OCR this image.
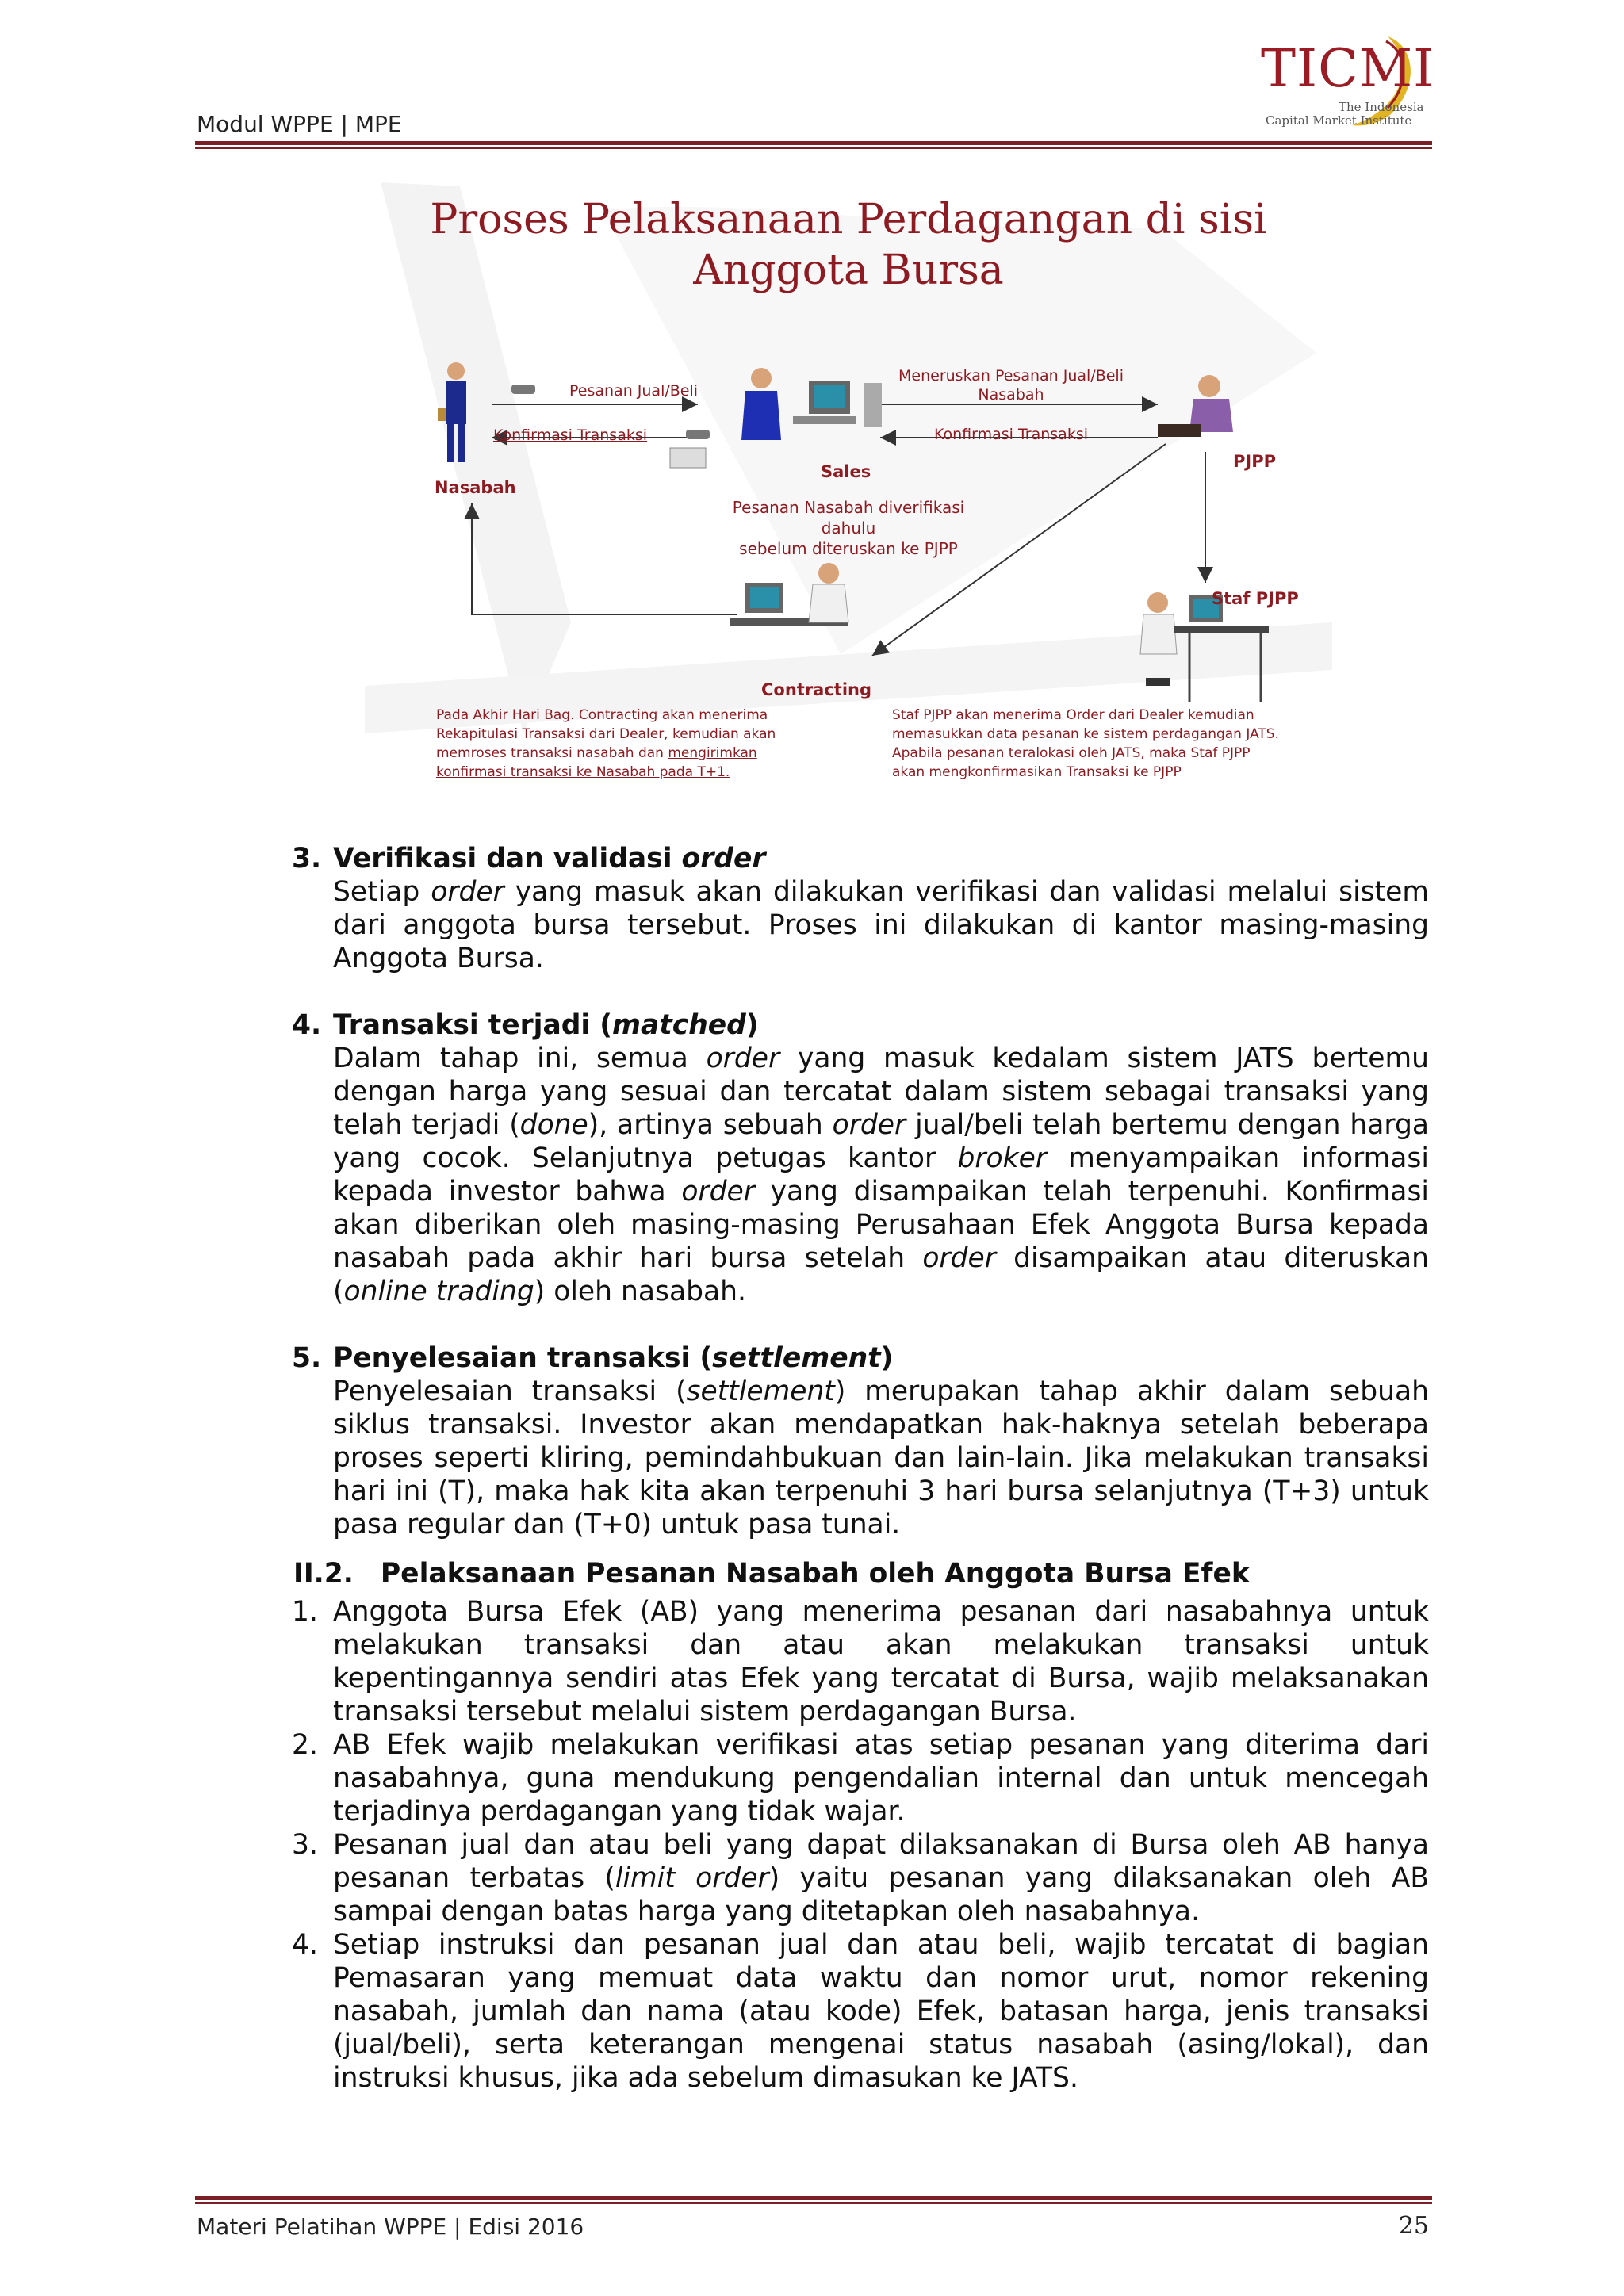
Modul WPPE | MPE
TICMI
The Indonesia
Capital Market Institute
Proses Pelaksanaan Perdagangan di sisi
Anggota Bursa
Pesanan Jual/Beli
Konfirmasi Transaksi
Meneruskan Pesanan Jual/Beli
Nasabah
Konfirmasi Transaksi
Nasabah
Sales
PJPP
Staf PJPP
Contracting
Pesanan Nasabah diverifikasi dahulu
sebelum diteruskan ke PJPP
Pada Akhir Hari Bag. Contracting akan menerima
Rekapitulasi Transaksi dari Dealer, kemudian akan
memroses transaksi nasabah dan mengirimkan
konfirmasi transaksi ke Nasabah pada T+1.
Staf PJPP akan menerima Order dari Dealer kemudian
memasukkan data pesanan ke sistem perdagangan JATS.
Apabila pesanan teralokasi oleh JATS, maka Staf PJPP
akan mengkonfirmasikan Transaksi ke PJPP

3. Verifikasi dan validasi order

Setiap order yang masuk akan dilakukan verifikasi dan validasi melalui sistem dari anggota bursa tersebut. Proses ini dilakukan di kantor masing-masing Anggota Bursa.

4. Transaksi terjadi (matched)

Dalam tahap ini, semua order yang masuk kedalam sistem JATS bertemu dengan harga yang sesuai dan tercatat dalam sistem sebagai transaksi yang telah terjadi (done), artinya sebuah order jual/beli telah bertemu dengan harga yang cocok. Selanjutnya petugas kantor broker menyampaikan informasi kepada investor bahwa order yang disampaikan telah terpenuhi. Konfirmasi akan diberikan oleh masing-masing Perusahaan Efek Anggota Bursa kepada nasabah pada akhir hari bursa setelah order disampaikan atau diteruskan (online trading) oleh nasabah.

5. Penyelesaian transaksi (settlement)

Penyelesaian transaksi (settlement) merupakan tahap akhir dalam sebuah siklus transaksi. Investor akan mendapatkan hak-haknya setelah beberapa proses seperti kliring, pemindahbukuan dan lain-lain. Jika melakukan transaksi hari ini (T), maka hak kita akan terpenuhi 3 hari bursa selanjutnya (T+3) untuk pasa regular dan (T+0) untuk pasa tunai.

II.2. Pelaksanaan Pesanan Nasabah oleh Anggota Bursa Efek

1. Anggota Bursa Efek (AB) yang menerima pesanan dari nasabahnya untuk melakukan transaksi dan atau akan melakukan transaksi untuk kepentingannya sendiri atas Efek yang tercatat di Bursa, wajib melaksanakan transaksi tersebut melalui sistem perdagangan Bursa.
2. AB Efek wajib melakukan verifikasi atas setiap pesanan yang diterima dari nasabahnya, guna mendukung pengendalian internal dan untuk mencegah terjadinya perdagangan yang tidak wajar.
3. Pesanan jual dan atau beli yang dapat dilaksanakan di Bursa oleh AB hanya pesanan terbatas (limit order) yaitu pesanan yang dilaksanakan oleh AB sampai dengan batas harga yang ditetapkan oleh nasabahnya.
4. Setiap instruksi dan pesanan jual dan atau beli, wajib tercatat di bagian Pemasaran yang memuat data waktu dan nomor urut, nomor rekening nasabah, jumlah dan nama (atau kode) Efek, batasan harga, jenis transaksi (jual/beli), serta keterangan mengenai status nasabah (asing/lokal), dan instruksi khusus, jika ada sebelum dimasukan ke JATS.
Materi Pelatihan WPPE | Edisi 2016	25
